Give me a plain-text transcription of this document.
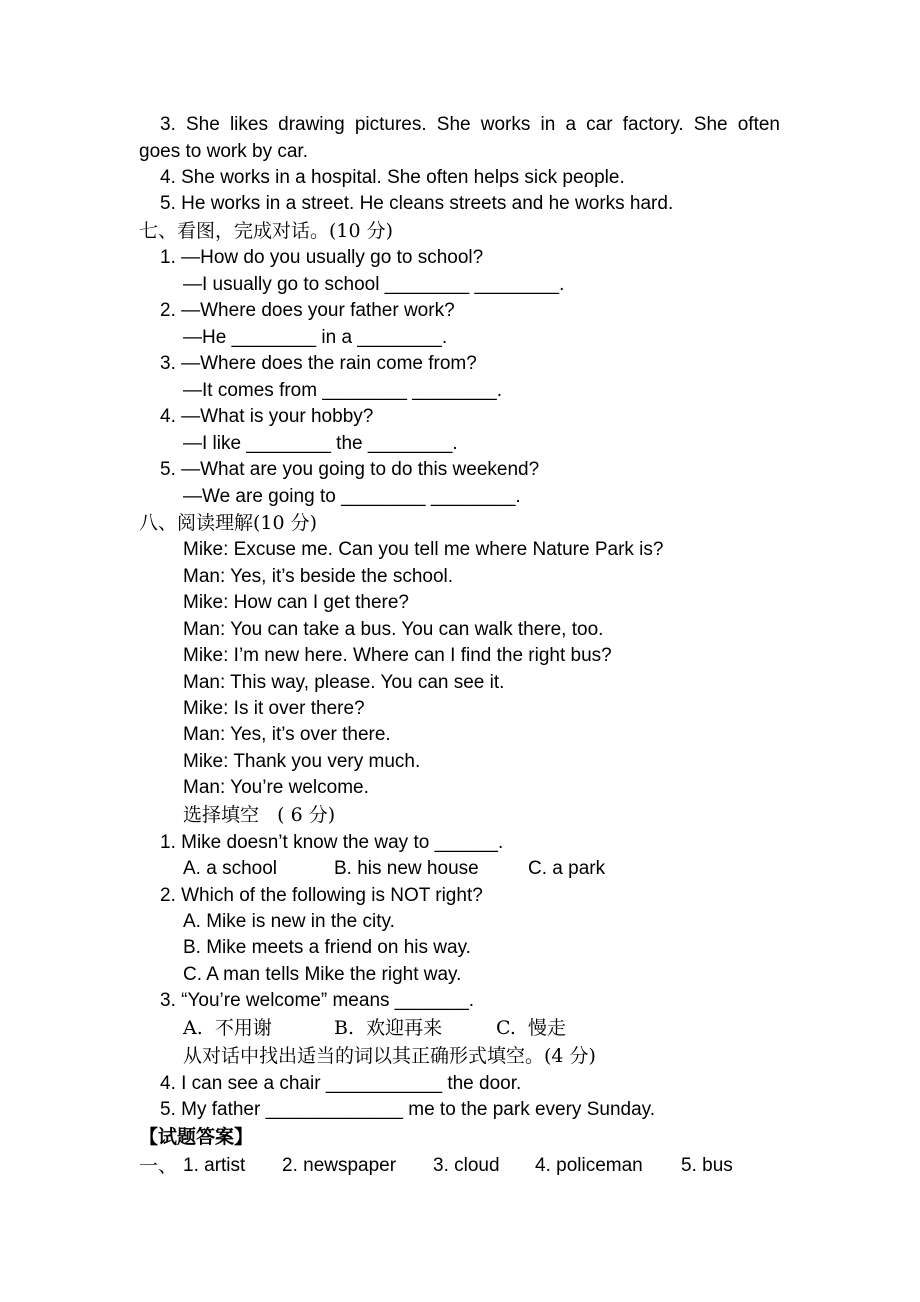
3. She likes drawing pictures. She works in a car factory. She often
goes to work by car.
4. She works in a hospital. She often helps sick people.
5. He works in a street. He cleans streets and he works hard.
七、看图，完成对话。(10 分)
1. —How do you usually go to school?
—I usually go to school ________ ________.
2. —Where does your father work?
—He ________ in a ________.
3. —Where does the rain come from?
—It comes from ________ ________.
4. —What is your hobby?
—I like ________ the ________.
5. —What are you going to do this weekend?
—We are going to ________ ________.
八、阅读理解(10 分)
Mike: Excuse me. Can you tell me where Nature Park is?
Man: Yes, it’s beside the school.
Mike: How can I get there?
Man: You can take a bus. You can walk there, too.
Mike: I’m new here. Where can I find the right bus?
Man: This way, please. You can see it.
Mike: Is it over there?
Man: Yes, it’s over there.
Mike: Thank you very much.
Man: You’re welcome.
选择填空   ( 6 分)
1. Mike doesn’t know the way to ______.
A. a school	B. his new house	C. a park
2. Which of the following is NOT right?
A. Mike is new in the city.
B. Mike meets a friend on his way.
C. A man tells Mike the right way.
3. “You’re welcome” means _______.
A.  不用谢	B.  欢迎再来	C.  慢走
从对话中找出适当的词以其正确形式填空。(4 分)
4. I can see a chair ___________ the door.
5. My father _____________ me to the park every Sunday.
【试题答案】
一、 1. artist	2. newspaper	3. cloud	4. policeman	5. bus
